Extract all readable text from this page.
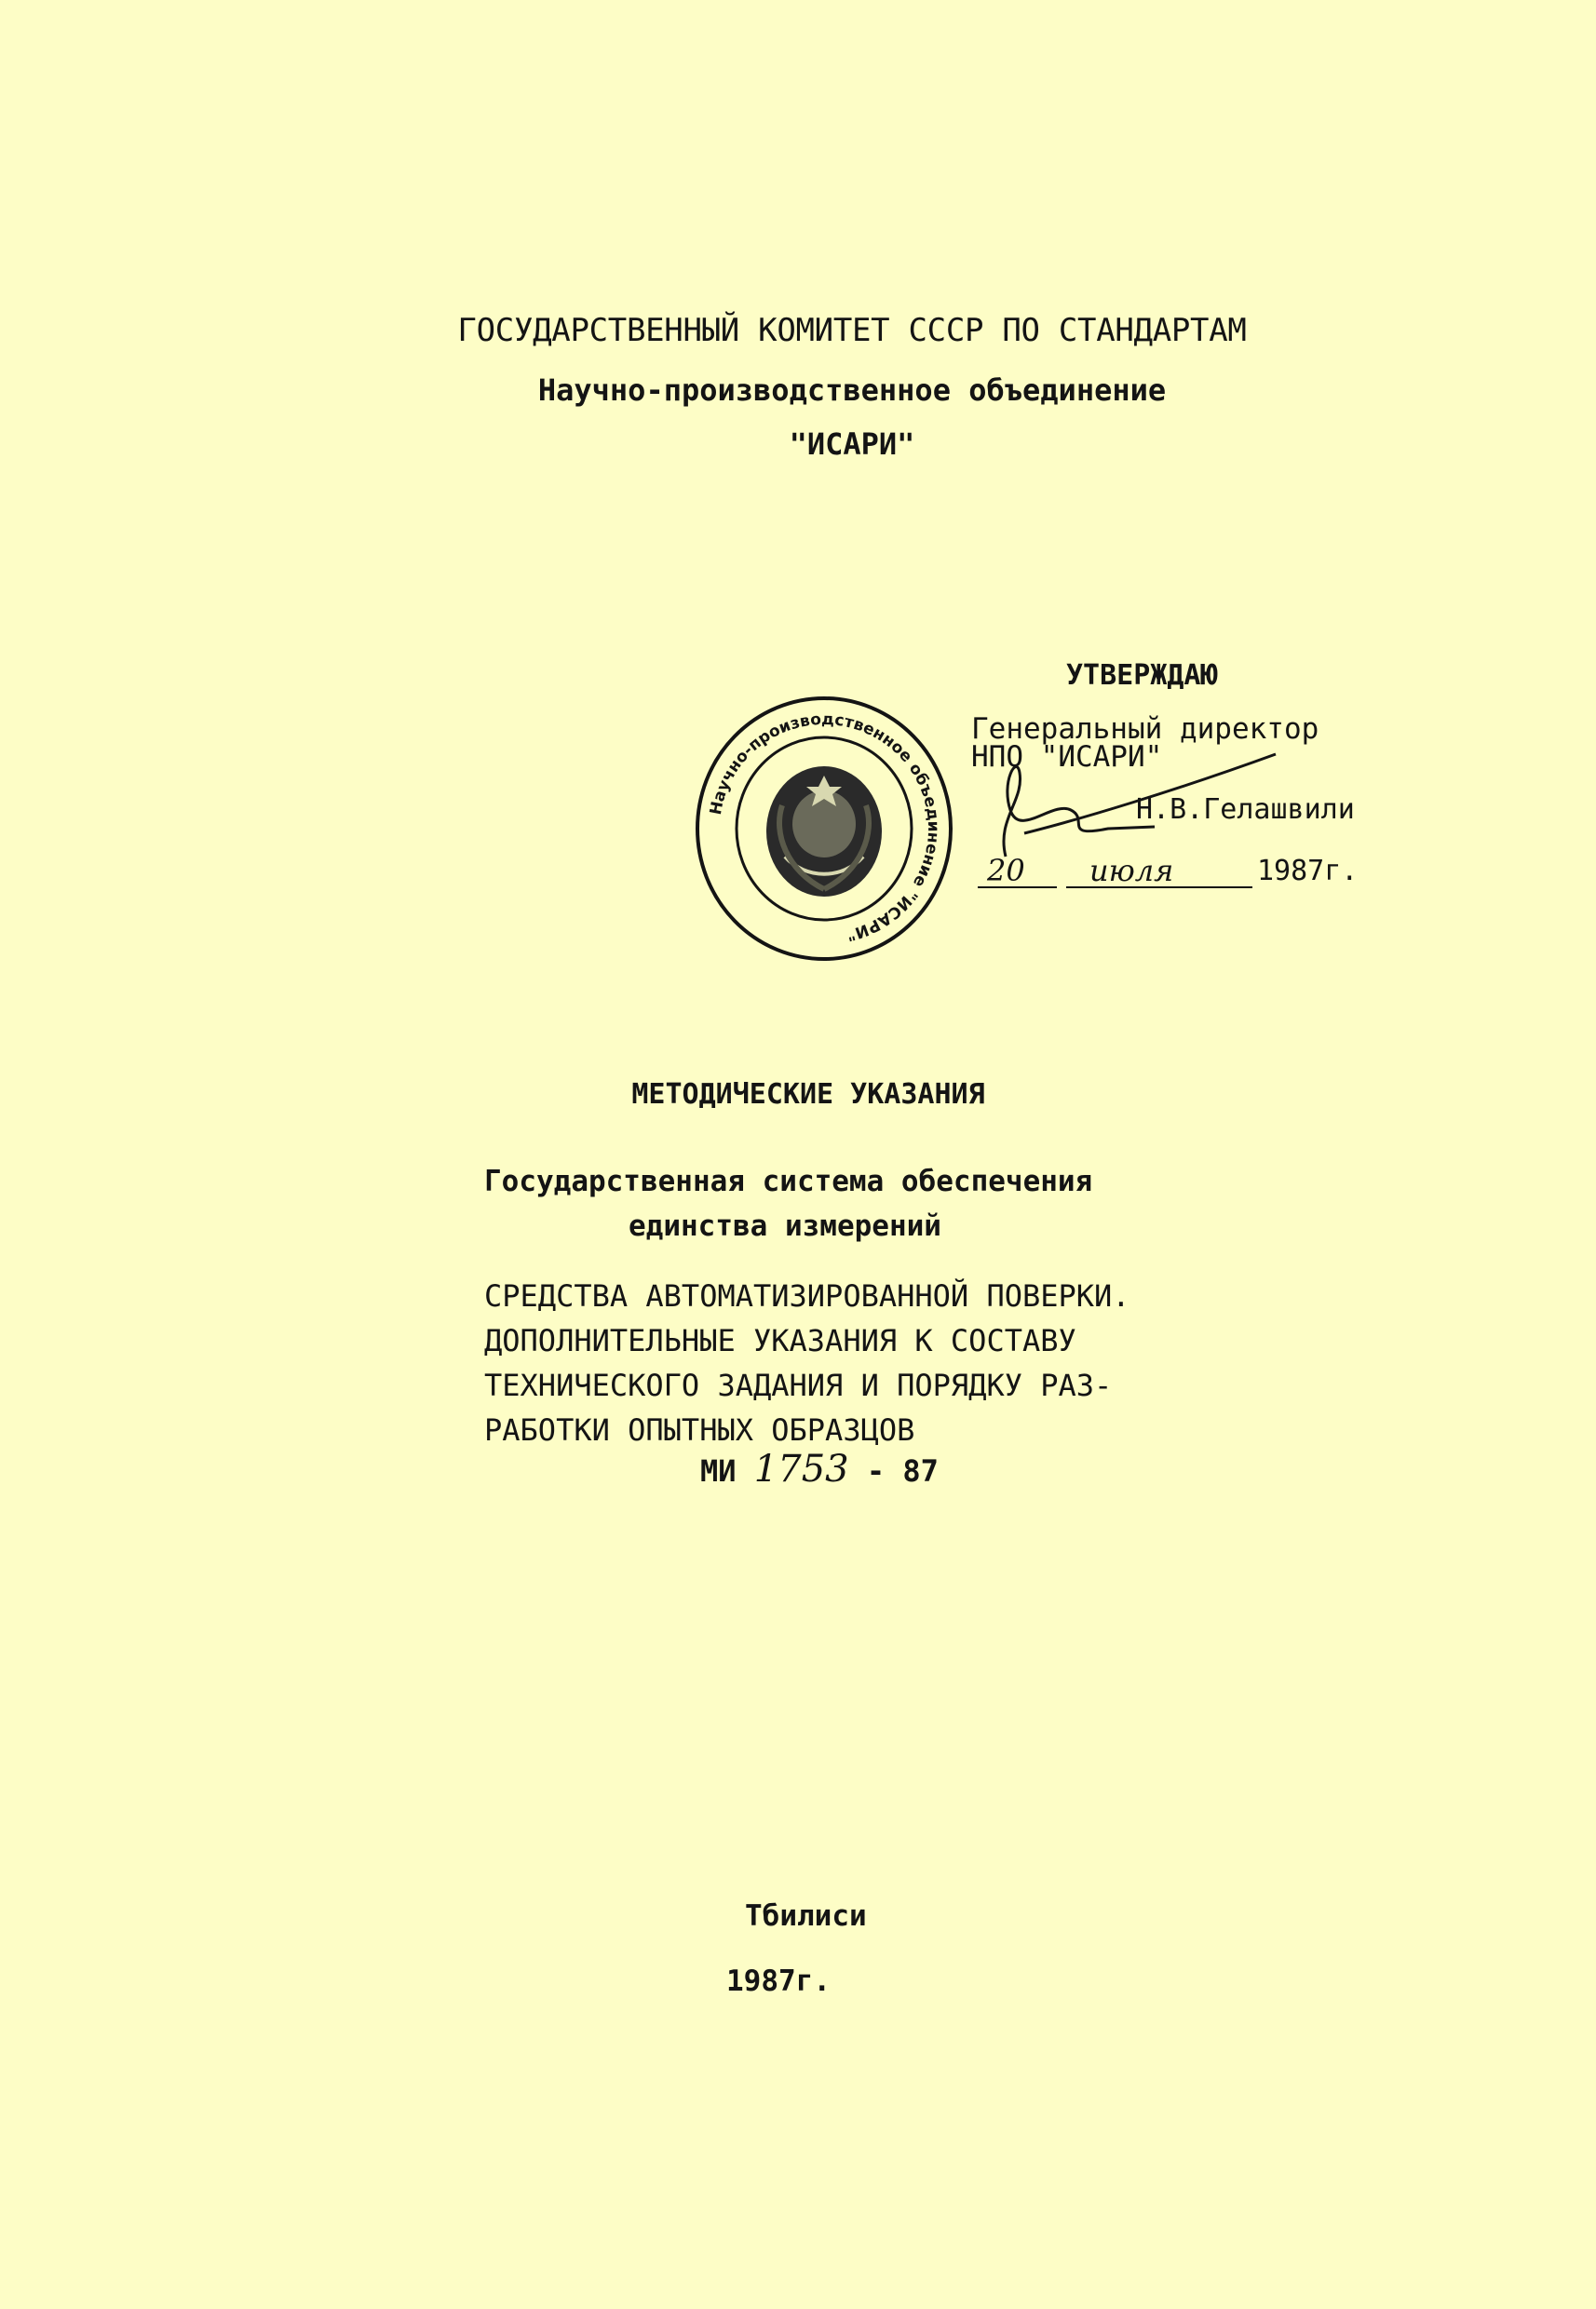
ГОСУДАРСТВЕННЫЙ КОМИТЕТ СССР ПО СТАНДАРТАМ
Научно-производственное объединение
"ИСАРИ"
УТВЕРЖДАЮ
Генеральный директор
НПО "ИСАРИ"
Н.В.Гелашвили
20 июля	1987г.
Научно-производственное объединение "ИСАРИ"
МЕТОДИЧЕСКИЕ УКАЗАНИЯ
Государственная система обеспечения
единства измерений
СРЕДСТВА АВТОМАТИЗИРОВАННОЙ ПОВЕРКИ.
ДОПОЛНИТЕЛЬНЫЕ УКАЗАНИЯ К СОСТАВУ
ТЕХНИЧЕСКОГО ЗАДАНИЯ И ПОРЯДКУ РАЗ-
РАБОТКИ ОПЫТНЫХ ОБРАЗЦОВ
МИ 1753 - 87
Тбилиси
1987г.
